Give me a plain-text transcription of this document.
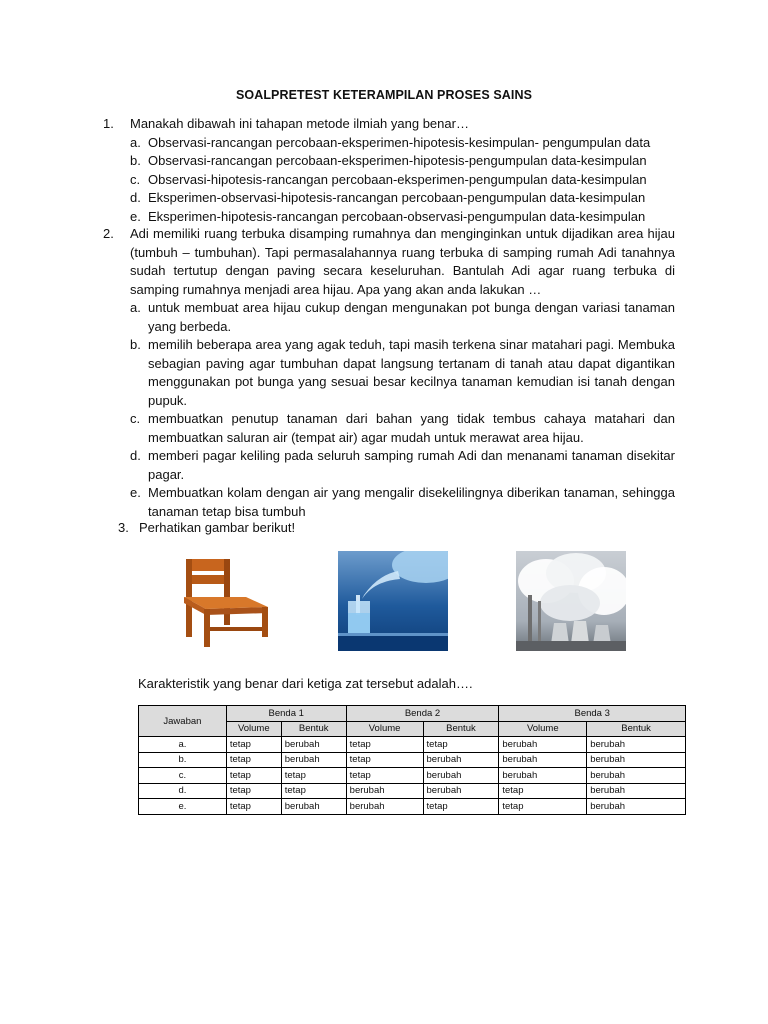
SOALPRETEST KETERAMPILAN PROSES SAINS
1. Manakah dibawah ini tahapan metode ilmiah yang benar…
a. Observasi-rancangan percobaan-eksperimen-hipotesis-kesimpulan- pengumpulan data
b. Observasi-rancangan percobaan-eksperimen-hipotesis-pengumpulan data-kesimpulan
c. Observasi-hipotesis-rancangan percobaan-eksperimen-pengumpulan data-kesimpulan
d. Eksperimen-observasi-hipotesis-rancangan percobaan-pengumpulan data-kesimpulan
e. Eksperimen-hipotesis-rancangan percobaan-observasi-pengumpulan data-kesimpulan
2. Adi memiliki ruang terbuka disamping rumahnya dan menginginkan untuk dijadikan area hijau (tumbuh – tumbuhan). Tapi permasalahannya ruang terbuka di samping rumah Adi tanahnya sudah tertutup dengan paving secara keseluruhan. Bantulah Adi agar ruang terbuka di samping rumahnya menjadi area hijau. Apa yang akan anda lakukan …
a. untuk membuat area hijau cukup dengan mengunakan pot bunga dengan variasi tanaman yang berbeda.
b. memilih beberapa area yang agak teduh, tapi masih terkena sinar matahari pagi. Membuka sebagian paving agar tumbuhan dapat langsung tertanam di tanah atau dapat digantikan menggunakan pot bunga yang sesuai besar kecilnya tanaman kemudian isi tanah dengan pupuk.
c. membuatkan penutup tanaman dari bahan yang tidak tembus cahaya matahari dan membuatkan saluran air (tempat air) agar mudah untuk merawat area hijau.
d. memberi pagar keliling pada seluruh samping rumah Adi dan menanami tanaman disekitar pagar.
e. Membuatkan kolam dengan air yang mengalir disekelilingnya diberikan tanaman, sehingga tanaman tetap bisa tumbuh
3. Perhatikan gambar berikut!
Karakteristik yang benar dari ketiga zat tersebut adalah….
Jawaban	Benda 1		Benda 2		Benda 3	
	Volume	Bentuk	Volume	Bentuk	Volume	Bentuk
a.	tetap	berubah	tetap	tetap	berubah	berubah
b.	tetap	berubah	tetap	berubah	berubah	berubah
c.	tetap	tetap	tetap	berubah	berubah	berubah
d.	tetap	tetap	berubah	berubah	tetap	berubah
e.	tetap	berubah	berubah	tetap	tetap	berubah
